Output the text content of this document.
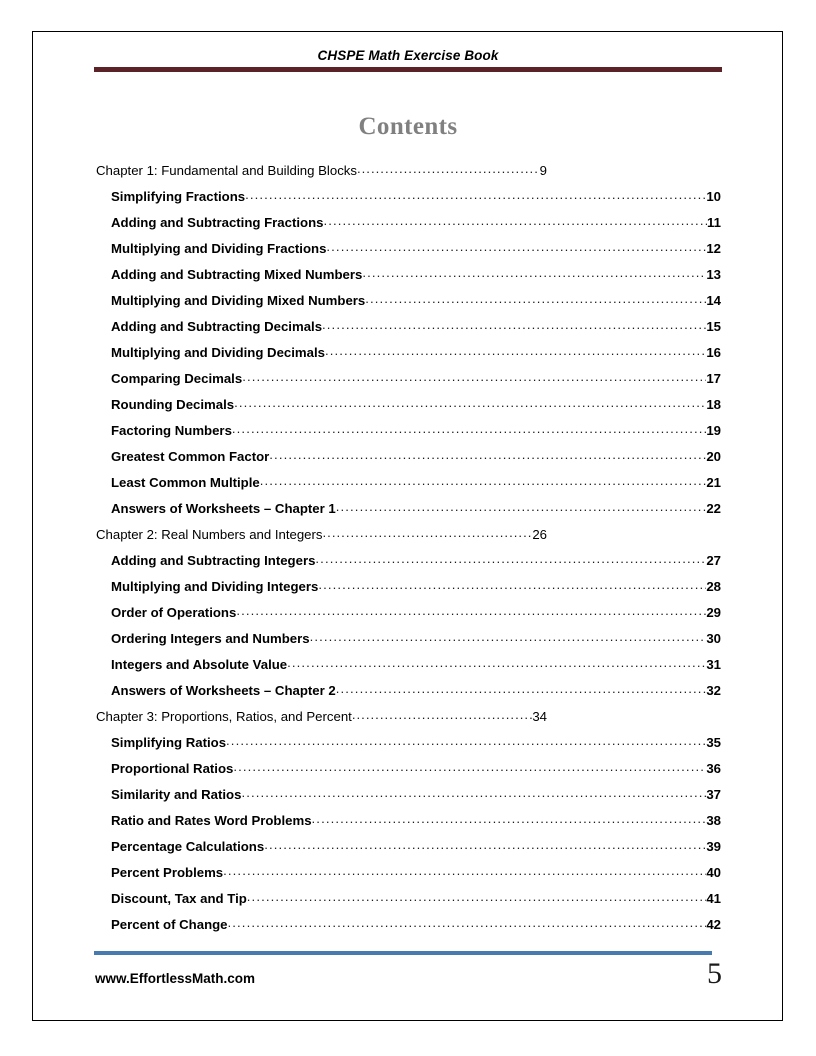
CHSPE Math Exercise Book
Contents
Chapter 1: Fundamental and Building Blocks .....	9
Simplifying Fractions .....	10
Adding and Subtracting Fractions .....	11
Multiplying and Dividing Fractions .....	12
Adding and Subtracting Mixed Numbers .....	13
Multiplying and Dividing Mixed Numbers .....	14
Adding and Subtracting Decimals .....	15
Multiplying and Dividing Decimals .....	16
Comparing Decimals .....	17
Rounding Decimals .....	18
Factoring Numbers .....	19
Greatest Common Factor .....	20
Least Common Multiple .....	21
Answers of Worksheets – Chapter 1 .....	22
Chapter 2: Real Numbers and Integers .....	26
Adding and Subtracting Integers .....	27
Multiplying and Dividing Integers .....	28
Order of Operations .....	29
Ordering Integers and Numbers .....	30
Integers and Absolute Value .....	31
Answers of Worksheets – Chapter 2 .....	32
Chapter 3: Proportions, Ratios, and Percent .....	34
Simplifying Ratios .....	35
Proportional Ratios .....	36
Similarity and Ratios .....	37
Ratio and Rates Word Problems .....	38
Percentage Calculations .....	39
Percent Problems .....	40
Discount, Tax and Tip .....	41
Percent of Change .....	42
www.EffortlessMath.com	5
